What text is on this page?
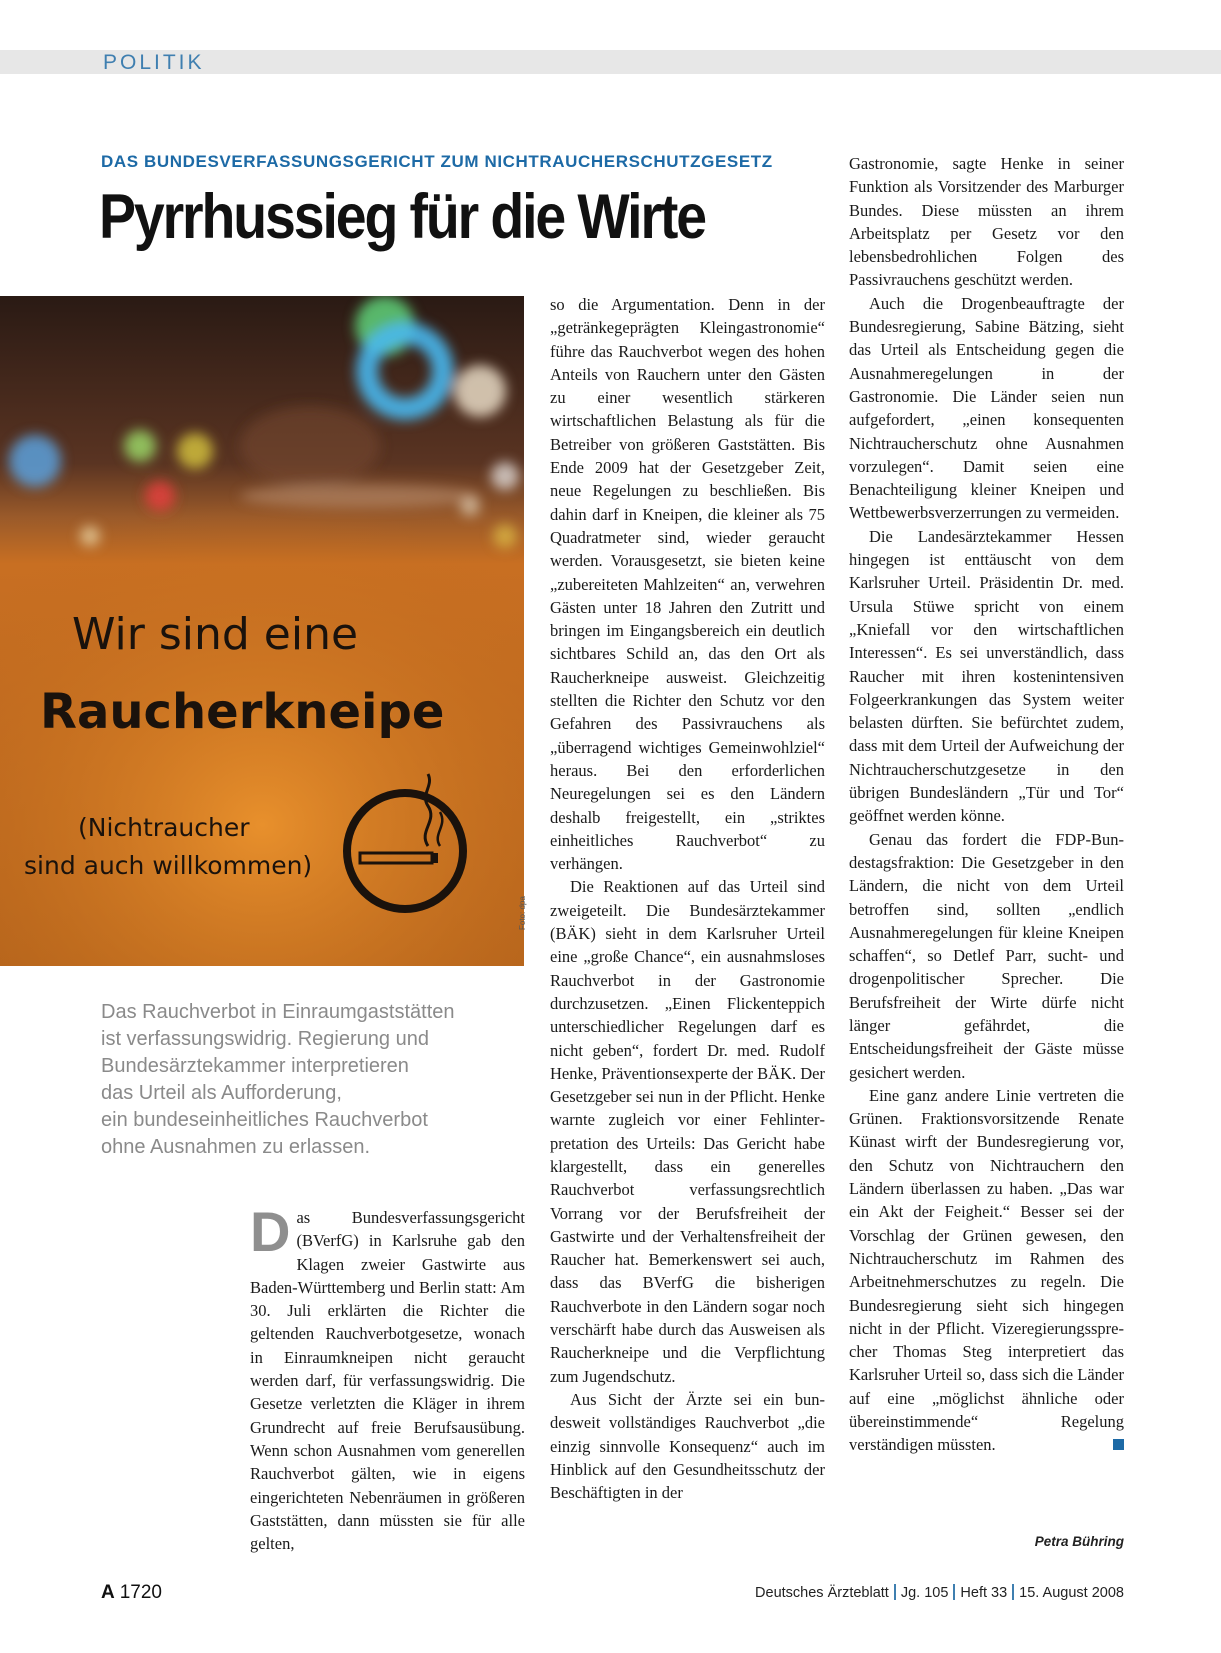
POLITIK
DAS BUNDESVERFASSUNGSGERICHT ZUM NICHTRAUCHERSCHUTZGESETZ
Pyrrhussieg für die Wirte
Wir sind eine
Raucherkneipe
(Nichtraucher
sind auch willkommen)
Foto: dpa
Das Rauchverbot in Einraumgaststätten
ist verfassungswidrig. Regierung und
Bundesärztekammer interpretieren
das Urteil als Aufforderung,
ein bundeseinheitliches Rauchverbot
ohne Ausnahmen zu erlassen.

Das Bundesverfassungsgericht (BVerfG) in Karlsruhe gab den Klagen zweier Gastwirte aus Baden-Württemberg und Berlin statt: Am 30. Juli erklärten die Richter die geltenden Rauchverbotgesetze, wonach in Einraumkneipen nicht geraucht werden darf, für verfassungswidrig. Die Gesetze verletzten die Kläger in ihrem Grundrecht auf freie Berufsausübung. Wenn schon Ausnahmen vom generellen Rauchverbot gälten, wie in eigens eingerichteten Nebenräumen in größeren Gaststätten, dann müssten sie für alle gelten,

so die Argumentation. Denn in der „getränkegeprägten Kleingastronomie“ führe das Rauchverbot wegen des hohen Anteils von Rauchern unter den Gästen zu einer wesentlich stärkeren wirtschaftlichen Belastung als für die Betreiber von größeren Gaststätten. Bis Ende 2009 hat der Gesetzgeber Zeit, neue Regelungen zu beschließen. Bis dahin darf in Kneipen, die kleiner als 75 Quadratmeter sind, wieder geraucht werden. Vorausgesetzt, sie bieten keine „zubereiteten Mahlzeiten“ an, verwehren Gästen unter 18 Jahren den Zutritt und bringen im Eingangsbereich ein deutlich sichtbares Schild an, das den Ort als Raucherkneipe ausweist. Gleichzeitig stellten die Richter den Schutz vor den Gefahren des Passivrauchens als „überragend wichtiges Gemeinwohlziel“ heraus. Bei den erforderlichen Neuregelungen sei es den Ländern deshalb freigestellt, ein „striktes einheitliches Rauchverbot“ zu verhängen.

Die Reaktionen auf das Urteil sind zweigeteilt. Die Bundesärztekammer (BÄK) sieht in dem Karlsruher Urteil eine „große Chance“, ein ausnahmsloses Rauchverbot in der Gastronomie durchzusetzen. „Einen Flickenteppich unterschiedlicher Regelungen darf es nicht geben“, fordert Dr. med. Rudolf Henke, Präventionsexperte der BÄK. Der Gesetzgeber sei nun in der Pflicht. Henke warnte zugleich vor einer Fehlinterpretation des Urteils: Das Gericht habe klargestellt, dass ein generelles Rauchverbot verfassungsrechtlich Vorrang vor der Berufsfreiheit der Gastwirte und der Verhaltensfreiheit der Raucher hat. Bemerkenswert sei auch, dass das BVerfG die bisherigen Rauchverbote in den Ländern sogar noch verschärft habe durch das Ausweisen als Raucherkneipe und die Verpflichtung zum Jugendschutz.

Aus Sicht der Ärzte sei ein bundesweit vollständiges Rauchverbot „die einzig sinnvolle Konsequenz“ auch im Hinblick auf den Gesundheitsschutz der Beschäftigten in der

Gastronomie, sagte Henke in seiner Funktion als Vorsitzender des Marburger Bundes. Diese müssten an ihrem Arbeitsplatz per Gesetz vor den lebensbedrohlichen Folgen des Passivrauchens geschützt werden.

Auch die Drogenbeauftragte der Bundesregierung, Sabine Bätzing, sieht das Urteil als Entscheidung gegen die Ausnahmeregelungen in der Gastronomie. Die Länder seien nun aufgefordert, „einen konsequenten Nichtraucherschutz ohne Ausnahmen vorzulegen“. Damit seien eine Benachteiligung kleiner Kneipen und Wettbewerbsverzerrungen zu vermeiden.

Die Landesärztekammer Hessen hingegen ist enttäuscht von dem Karlsruher Urteil. Präsidentin Dr. med. Ursula Stüwe spricht von einem „Kniefall vor den wirtschaftlichen Interessen“. Es sei unverständlich, dass Raucher mit ihren kostenintensiven Folgeerkrankungen das System weiter belasten dürften. Sie befürchtet zudem, dass mit dem Urteil der Aufweichung der Nichtraucherschutzgesetze in den übrigen Bundesländern „Tür und Tor“ geöffnet werden könne.

Genau das fordert die FDP-Bundestagsfraktion: Die Gesetzgeber in den Ländern, die nicht von dem Urteil betroffen sind, sollten „endlich Ausnahmeregelungen für kleine Kneipen schaffen“, so Detlef Parr, sucht- und drogenpolitischer Sprecher. Die Berufsfreiheit der Wirte dürfe nicht länger gefährdet, die Entscheidungsfreiheit der Gäste müsse gesichert werden.

Eine ganz andere Linie vertreten die Grünen. Fraktionsvorsitzende Renate Künast wirft der Bundesregierung vor, den Schutz von Nichtrauchern den Ländern überlassen zu haben. „Das war ein Akt der Feigheit.“ Besser sei der Vorschlag der Grünen gewesen, den Nichtraucherschutz im Rahmen des Arbeitnehmerschutzes zu regeln. Die Bundesregierung sieht sich hingegen nicht in der Pflicht. Vizeregierungssprecher Thomas Steg interpretiert das Karlsruher Urteil so, dass sich die Länder auf eine „möglichst ähnliche oder übereinstimmende“ Regelung verständigen müssten.

Petra Bühring
A 1720	Deutsches Ärzteblatt Jg. 105 Heft 33 15. August 2008
